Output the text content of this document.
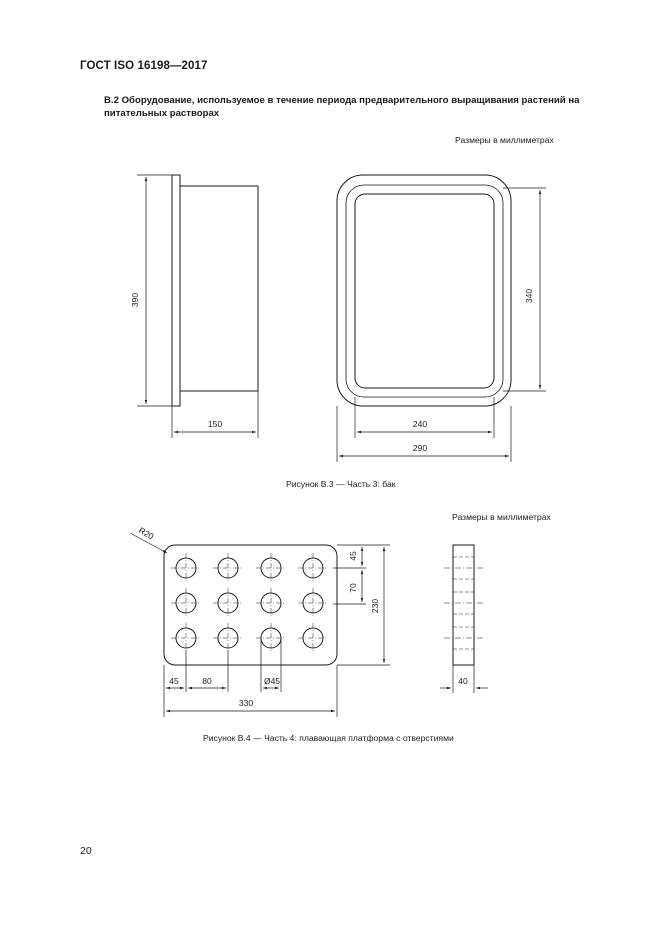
ГОСТ ISO 16198—2017
B.2 Оборудование, используемое в течение периода предварительного выращивания растений на питательных растворах
Размеры в миллиметрах
390
150
340
240
290
R20
45
70
230
45	80	Ø45
330
40
Рисунок B.3 — Часть 3: бак
Размеры в миллиметрах
Рисунок B.4 — Часть 4: плавающая платформа с отверстиями
20
